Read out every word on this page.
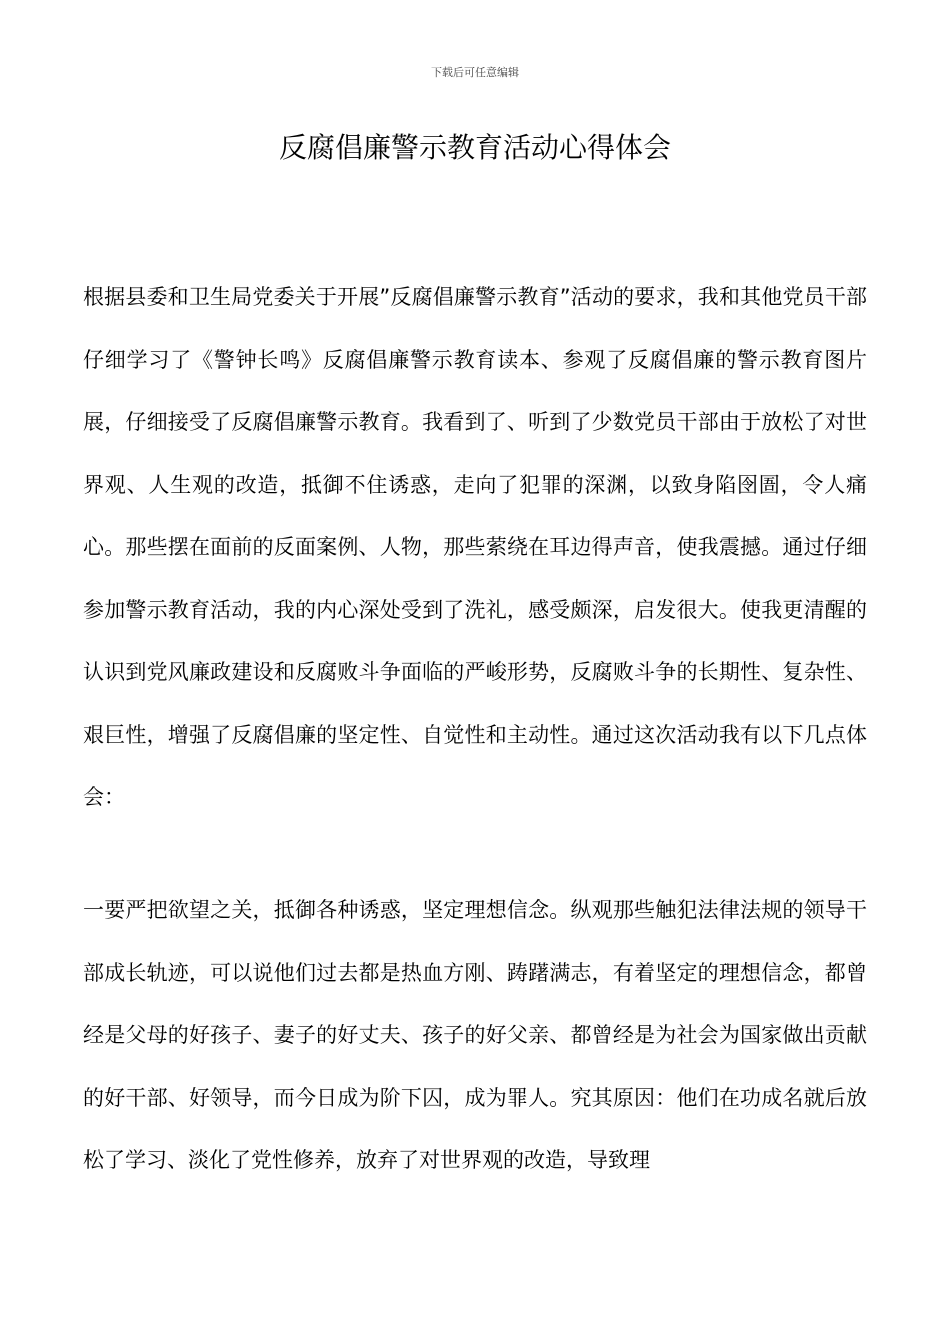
下载后可任意编辑
反腐倡廉警示教育活动心得体会

根据县委和卫生局党委关于开展”反腐倡廉警示教育”活动的要求，我和其他党员干部仔细学习了《警钟长鸣》反腐倡廉警示教育读本、参观了反腐倡廉的警示教育图片展，仔细接受了反腐倡廉警示教育。我看到了、听到了少数党员干部由于放松了对世界观、人生观的改造，抵御不住诱惑，走向了犯罪的深渊，以致身陷囹圄，令人痛心。那些摆在面前的反面案例、人物，那些萦绕在耳边得声音，使我震撼。通过仔细参加警示教育活动，我的内心深处受到了洗礼，感受颇深，启发很大。使我更清醒的认识到党风廉政建设和反腐败斗争面临的严峻形势，反腐败斗争的长期性、复杂性、艰巨性，增强了反腐倡廉的坚定性、自觉性和主动性。通过这次活动我有以下几点体会：

一要严把欲望之关，抵御各种诱惑，坚定理想信念。纵观那些触犯法律法规的领导干部成长轨迹，可以说他们过去都是热血方刚、踌躇满志，有着坚定的理想信念，都曾经是父母的好孩子、妻子的好丈夫、孩子的好父亲、都曾经是为社会为国家做出贡献的好干部、好领导，而今日成为阶下囚，成为罪人。究其原因：他们在功成名就后放松了学习、淡化了党性修养，放弃了对世界观的改造，导致理
